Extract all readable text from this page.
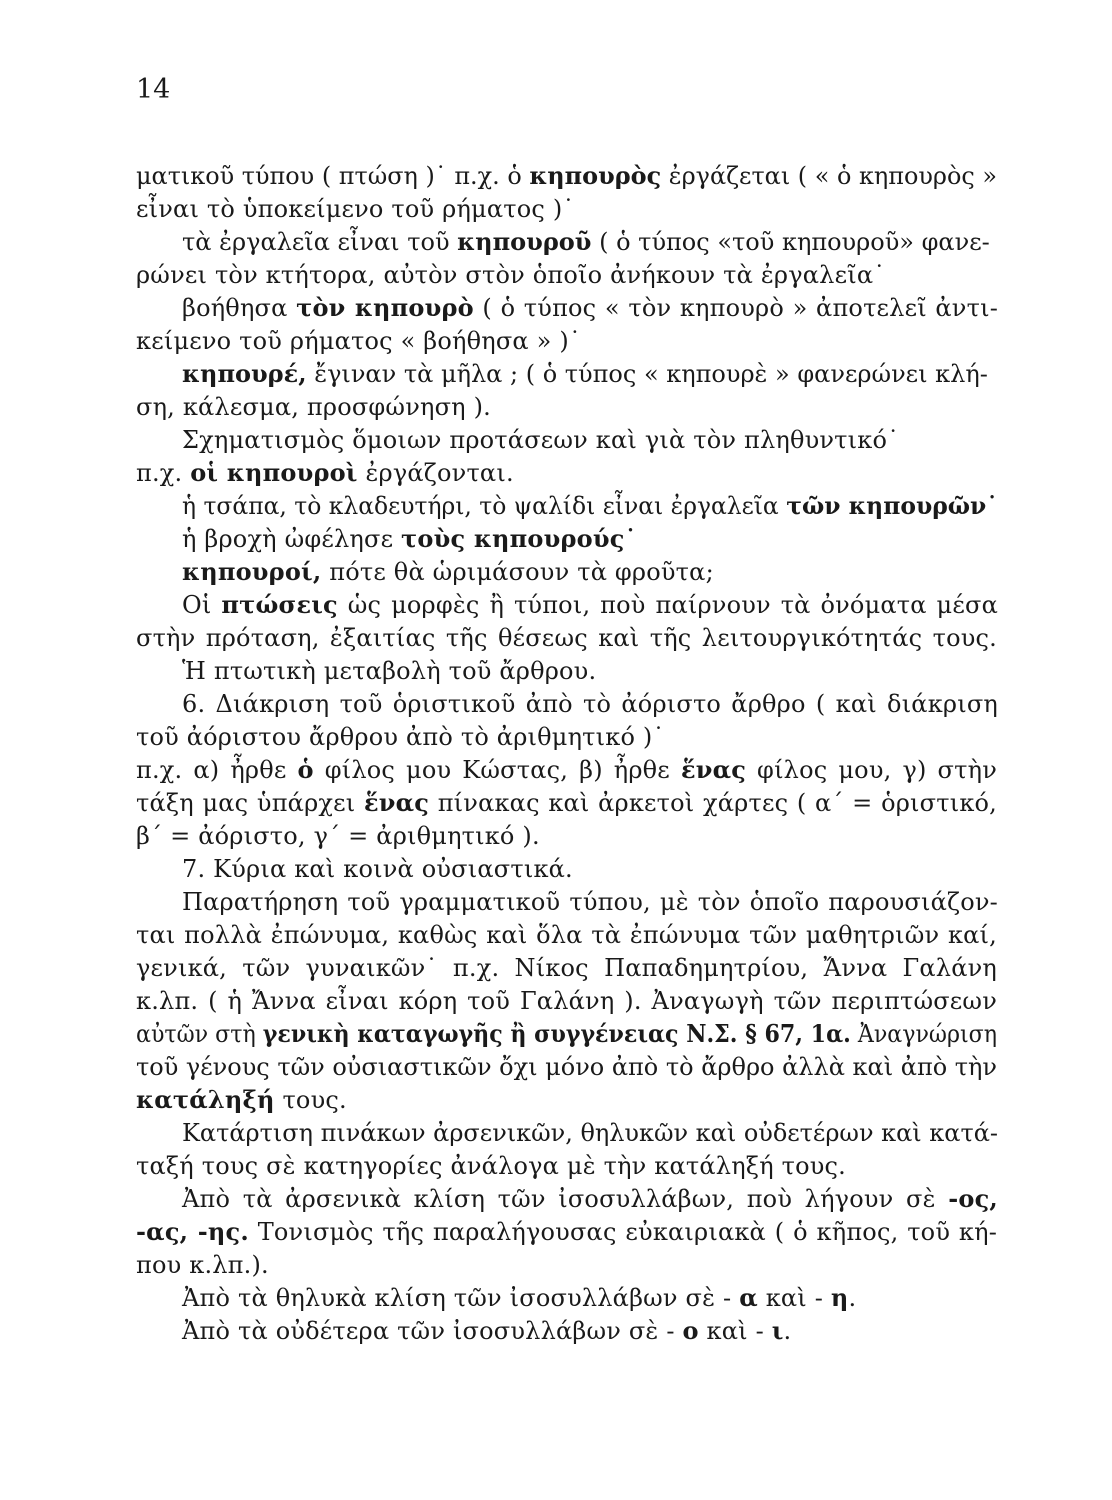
14
ματικοῦ τύπου ( πτώση )˙ π.χ. ὁ κηπουρὸς ἐργάζεται ( « ὁ κηπουρὸς »
εἶναι τὸ ὑποκείμενο τοῦ ρήματος )˙
τὰ ἐργαλεῖα εἶναι τοῦ κηπουροῦ ( ὁ τύπος «τοῦ κηπουροῦ» φανε-
ρώνει τὸν κτήτορα, αὐτὸν στὸν ὁποῖο ἀνήκουν τὰ ἐργαλεῖα˙
βοήθησα τὸν κηπουρὸ ( ὁ τύπος « τὸν κηπουρὸ » ἀποτελεῖ ἀντι-
κείμενο τοῦ ρήματος « βοήθησα » )˙
κηπουρέ, ἔγιναν τὰ μῆλα ; ( ὁ τύπος « κηπουρὲ » φανερώνει κλή-
ση, κάλεσμα, προσφώνηση ).
Σχηματισμὸς ὅμοιων προτάσεων καὶ γιὰ τὸν πληθυντικό˙
π.χ. οἱ κηπουροὶ ἐργάζονται.
ἡ τσάπα, τὸ κλαδευτήρι, τὸ ψαλίδι εἶναι ἐργαλεῖα τῶν κηπουρῶν˙
ἡ βροχὴ ὠφέλησε τοὺς κηπουρούς˙
κηπουροί, πότε θὰ ὡριμάσουν τὰ φροῦτα;
Οἱ πτώσεις ὡς μορφὲς ἢ τύποι, ποὺ παίρνουν τὰ ὀνόματα μέσα
στὴν πρόταση, ἐξαιτίας τῆς θέσεως καὶ τῆς λειτουργικότητάς τους.
Ἡ πτωτικὴ μεταβολὴ τοῦ ἄρθρου.
6. Διάκριση τοῦ ὁριστικοῦ ἀπὸ τὸ ἀόριστο ἄρθρο ( καὶ διάκριση
τοῦ ἀόριστου ἄρθρου ἀπὸ τὸ ἀριθμητικό )˙
π.χ. α) ἦρθε ὁ φίλος μου Κώστας, β) ἦρθε ἕνας φίλος μου, γ) στὴν
τάξη μας ὑπάρχει ἕνας πίνακας καὶ ἀρκετοὶ χάρτες ( α΄ = ὁριστικό,
β΄ = ἀόριστο, γ΄ = ἀριθμητικό ).
7. Κύρια καὶ κοινὰ οὐσιαστικά.
Παρατήρηση τοῦ γραμματικοῦ τύπου, μὲ τὸν ὁποῖο παρουσιάζον-
ται πολλὰ ἐπώνυμα, καθὼς καὶ ὅλα τὰ ἐπώνυμα τῶν μαθητριῶν καί,
γενικά, τῶν γυναικῶν˙ π.χ. Νίκος Παπαδημητρίου, Ἄννα Γαλάνη
κ.λπ. ( ἡ Ἄννα εἶναι κόρη τοῦ Γαλάνη ). Ἀναγωγὴ τῶν περιπτώσεων
αὐτῶν στὴ γενικὴ καταγωγῆς ἢ συγγένειας Ν.Σ. § 67, 1α. Ἀναγνώριση
τοῦ γένους τῶν οὐσιαστικῶν ὄχι μόνο ἀπὸ τὸ ἄρθρο ἀλλὰ καὶ ἀπὸ τὴν
κατάληξή τους.
Κατάρτιση πινάκων ἀρσενικῶν, θηλυκῶν καὶ οὐδετέρων καὶ κατά-
ταξή τους σὲ κατηγορίες ἀνάλογα μὲ τὴν κατάληξή τους.
Ἀπὸ τὰ ἀρσενικὰ κλίση τῶν ἰσοσυλλάβων, ποὺ λήγουν σὲ -ος,
-ας, -ης. Τονισμὸς τῆς παραλήγουσας εὐκαιριακὰ ( ὁ κῆπος, τοῦ κή-
που κ.λπ.).
Ἀπὸ τὰ θηλυκὰ κλίση τῶν ἰσοσυλλάβων σὲ - α καὶ - η.
Ἀπὸ τὰ οὐδέτερα τῶν ἰσοσυλλάβων σὲ - ο καὶ - ι.
